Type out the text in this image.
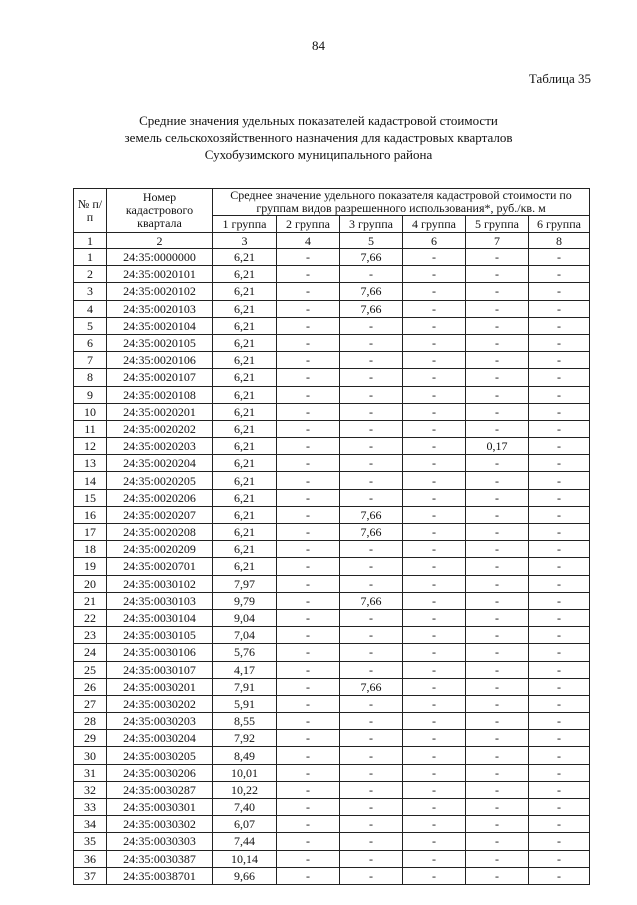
84
Таблица 35
Средние значения удельных показателей кадастровой стоимости
земель сельскохозяйственного назначения для кадастровых кварталов
Сухобузимского муниципального района
№ п/п	Номер кадастрового квартала	Среднее значение удельного показателя кадастровой стоимости по группам видов разрешенного использования*, руб./кв. м					
		1 группа	2 группа	3 группа	4 группа	5 группа	6 группа
1	2	3	4	5	6	7	8
1	24:35:0000000	6,21	-	7,66	-	-	-
2	24:35:0020101	6,21	-	-	-	-	-
3	24:35:0020102	6,21	-	7,66	-	-	-
4	24:35:0020103	6,21	-	7,66	-	-	-
5	24:35:0020104	6,21	-	-	-	-	-
6	24:35:0020105	6,21	-	-	-	-	-
7	24:35:0020106	6,21	-	-	-	-	-
8	24:35:0020107	6,21	-	-	-	-	-
9	24:35:0020108	6,21	-	-	-	-	-
10	24:35:0020201	6,21	-	-	-	-	-
11	24:35:0020202	6,21	-	-	-	-	-
12	24:35:0020203	6,21	-	-	-	0,17	-
13	24:35:0020204	6,21	-	-	-	-	-
14	24:35:0020205	6,21	-	-	-	-	-
15	24:35:0020206	6,21	-	-	-	-	-
16	24:35:0020207	6,21	-	7,66	-	-	-
17	24:35:0020208	6,21	-	7,66	-	-	-
18	24:35:0020209	6,21	-	-	-	-	-
19	24:35:0020701	6,21	-	-	-	-	-
20	24:35:0030102	7,97	-	-	-	-	-
21	24:35:0030103	9,79	-	7,66	-	-	-
22	24:35:0030104	9,04	-	-	-	-	-
23	24:35:0030105	7,04	-	-	-	-	-
24	24:35:0030106	5,76	-	-	-	-	-
25	24:35:0030107	4,17	-	-	-	-	-
26	24:35:0030201	7,91	-	7,66	-	-	-
27	24:35:0030202	5,91	-	-	-	-	-
28	24:35:0030203	8,55	-	-	-	-	-
29	24:35:0030204	7,92	-	-	-	-	-
30	24:35:0030205	8,49	-	-	-	-	-
31	24:35:0030206	10,01	-	-	-	-	-
32	24:35:0030287	10,22	-	-	-	-	-
33	24:35:0030301	7,40	-	-	-	-	-
34	24:35:0030302	6,07	-	-	-	-	-
35	24:35:0030303	7,44	-	-	-	-	-
36	24:35:0030387	10,14	-	-	-	-	-
37	24:35:0038701	9,66	-	-	-	-	-
